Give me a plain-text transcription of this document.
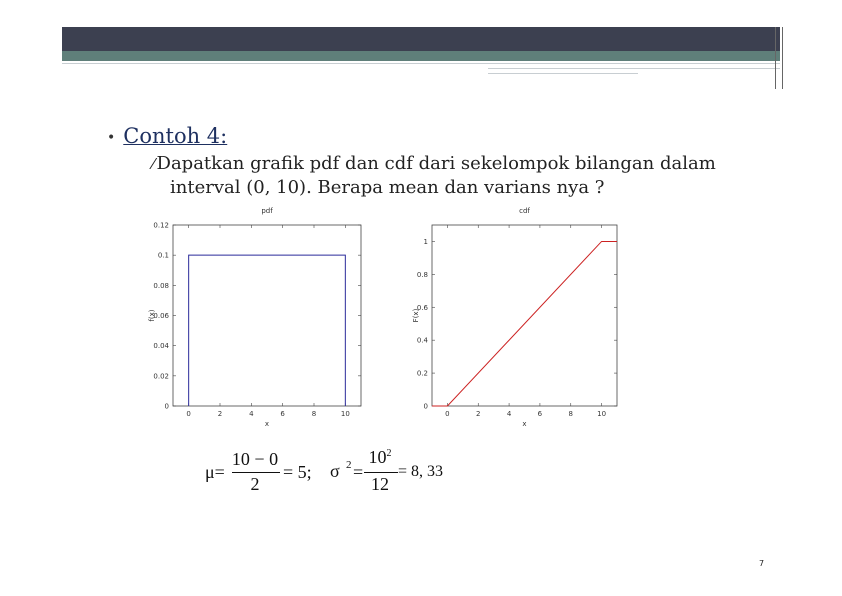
• Contoh 4:
⁄ Dapatkan grafik pdf dan cdf dari sekelompok bilangan dalam
interval (0, 10). Berapa mean dan varians nya ?
0	2	4	6	8	10
0
0.02
0.04
0.06
0.08
0.1
0.12
pdf
x
f(x)
0	2	4	6	8	10
0
0.2
0.4
0.6
0.8
1
cdf
x
F(x)
μ=
10 − 0
2
= 5; σ 2 =
$10^2$
12
= 8, 33
7
